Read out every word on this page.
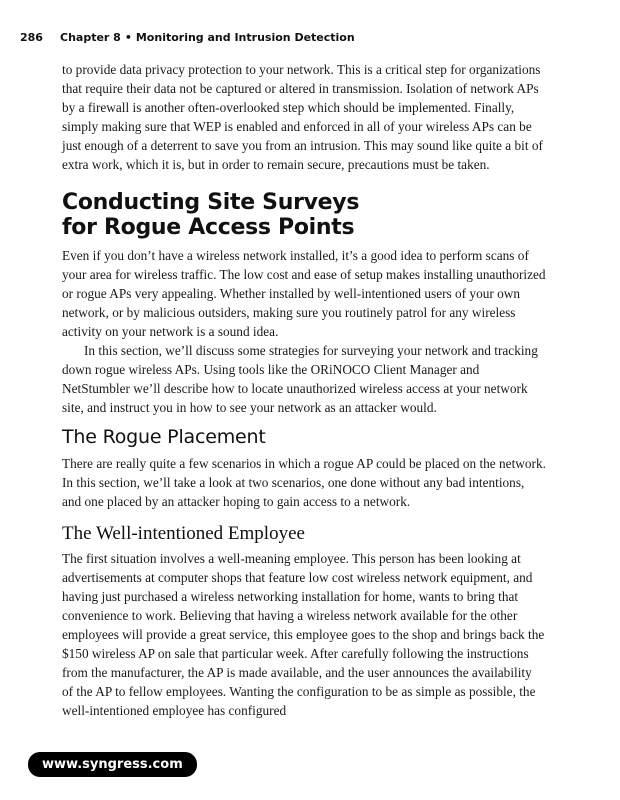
286 Chapter 8 • Monitoring and Intrusion Detection

to provide data privacy protection to your network. This is a critical step for organizations that require their data not be captured or altered in transmission. Isolation of network APs by a firewall is another often-overlooked step which should be implemented. Finally, simply making sure that WEP is enabled and enforced in all of your wireless APs can be just enough of a deterrent to save you from an intrusion. This may sound like quite a bit of extra work, which it is, but in order to remain secure, precautions must be taken.

Conducting Site Surveys
for Rogue Access Points

Even if you don’t have a wireless network installed, it’s a good idea to perform scans of your area for wireless traffic. The low cost and ease of setup makes installing unauthorized or rogue APs very appealing. Whether installed by well-intentioned users of your own network, or by malicious outsiders, making sure you routinely patrol for any wireless activity on your network is a sound idea.

In this section, we’ll discuss some strategies for surveying your network and tracking down rogue wireless APs. Using tools like the ORiNOCO Client Manager and NetStumbler we’ll describe how to locate unauthorized wireless access at your network site, and instruct you in how to see your network as an attacker would.

The Rogue Placement

There are really quite a few scenarios in which a rogue AP could be placed on the network. In this section, we’ll take a look at two scenarios, one done without any bad intentions, and one placed by an attacker hoping to gain access to a network.

The Well-intentioned Employee

The first situation involves a well-meaning employee. This person has been looking at advertisements at computer shops that feature low cost wireless network equipment, and having just purchased a wireless networking installation for home, wants to bring that convenience to work. Believing that having a wireless network available for the other employees will provide a great service, this employee goes to the shop and brings back the $150 wireless AP on sale that particular week. After carefully following the instructions from the manufacturer, the AP is made available, and the user announces the availability of the AP to fellow employees. Wanting the configuration to be as simple as possible, the well-intentioned employee has configured

www.syngress.com
